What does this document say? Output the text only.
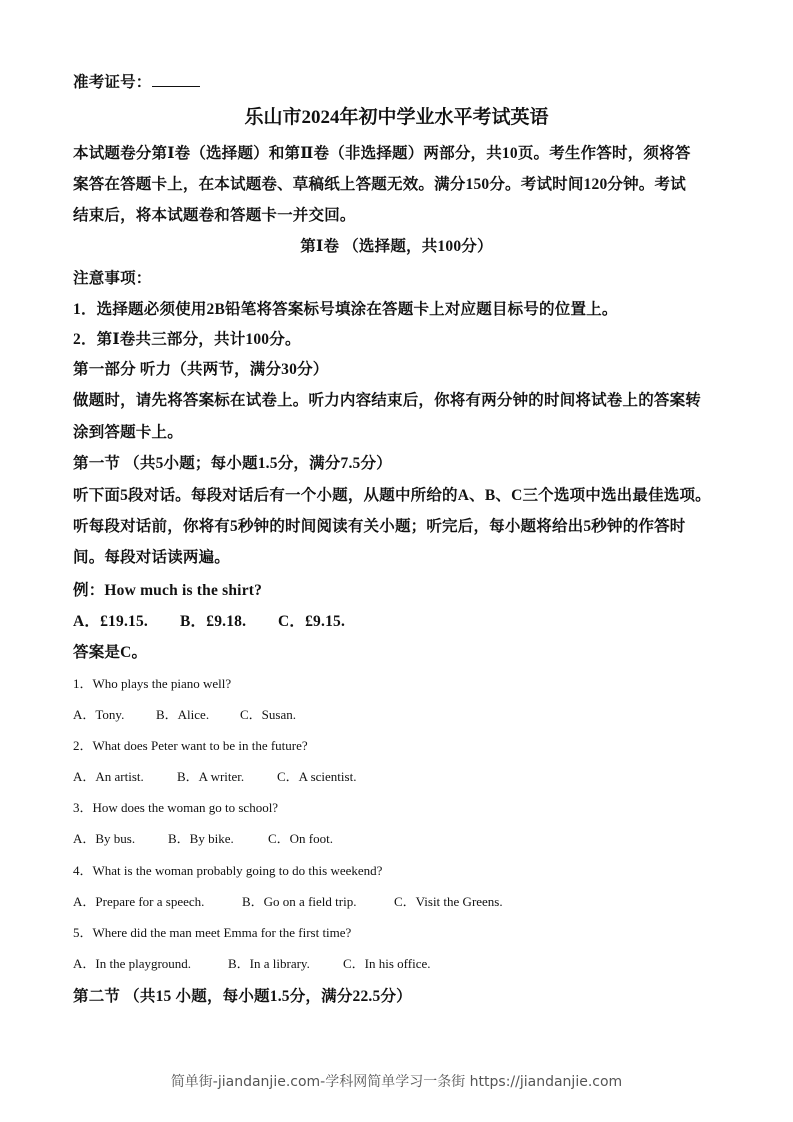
准考证号：
乐山市2024年初中学业水平考试英语
本试题卷分第Ⅰ卷（选择题）和第Ⅱ卷（非选择题）两部分，共10页。考生作答时，须将答
案答在答题卡上，在本试题卷、草稿纸上答题无效。满分150分。考试时间120分钟。考试
结束后，将本试题卷和答题卡一并交回。
第Ⅰ卷 （选择题，共100分）
注意事项：
1．选择题必须使用2B铅笔将答案标号填涂在答题卡上对应题目标号的位置上。
2．第Ⅰ卷共三部分，共计100分。
第一部分 听力（共两节，满分30分）
做题时，请先将答案标在试卷上。听力内容结束后，你将有两分钟的时间将试卷上的答案转
涂到答题卡上。
第一节 （共5小题；每小题1.5分，满分7.5分）
听下面5段对话。每段对话后有一个小题，从题中所给的A、B、C三个选项中选出最佳选项。
听每段对话前，你将有5秒钟的时间阅读有关小题；听完后，每小题将给出5秒钟的作答时
间。每段对话读两遍。
例：How much is the shirt?
A．£19.15. B．£9.18. C．£9.15.
答案是C。
1．Who plays the piano well?
A．Tony. B．Alice. C．Susan.
2．What does Peter want to be in the future?
A．An artist.	B．A writer.	C．A scientist.
3．How does the woman go to school?
A．By bus.	B．By bike.	C．On foot.
4．What is the woman probably going to do this weekend?
A．Prepare for a speech.	B．Go on a field trip.	C．Visit the Greens.
5．Where did the man meet Emma for the first time?
A．In the playground.	B．In a library.	C．In his office.
第二节 （共15 小题，每小题1.5分，满分22.5分）
简单街-jiandanjie.com-学科网简单学习一条街 https://jiandanjie.com
